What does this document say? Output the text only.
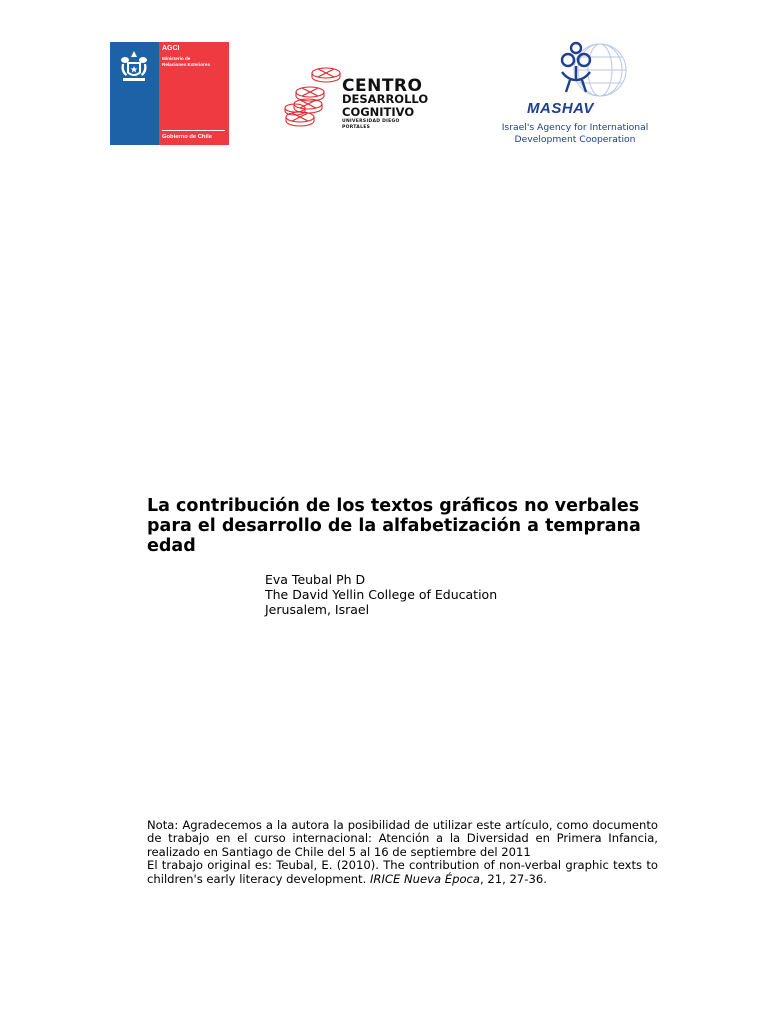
AGCI
Ministerio de
Relaciones Exteriores
Gobierno de Chile
CENTRO
DESARROLLO
COGNITIVO
UNIVERSIDAD DIEGO PORTALES
MASHAV
Israel's Agency for International
Development Cooperation
La contribución de los textos gráficos no verbales para el desarrollo de la alfabetización a temprana edad
Eva Teubal Ph D
The David Yellin College of Education
Jerusalem, Israel

Nota: Agradecemos a la autora la posibilidad de utilizar este artículo, como documento de trabajo en el curso internacional: Atención a la Diversidad en Primera Infancia, realizado en Santiago de Chile del 5 al 16 de septiembre del 2011

El trabajo original es: Teubal, E. (2010). The contribution of non-verbal graphic texts to children's early literacy development. IRICE Nueva Época, 21, 27-36.
